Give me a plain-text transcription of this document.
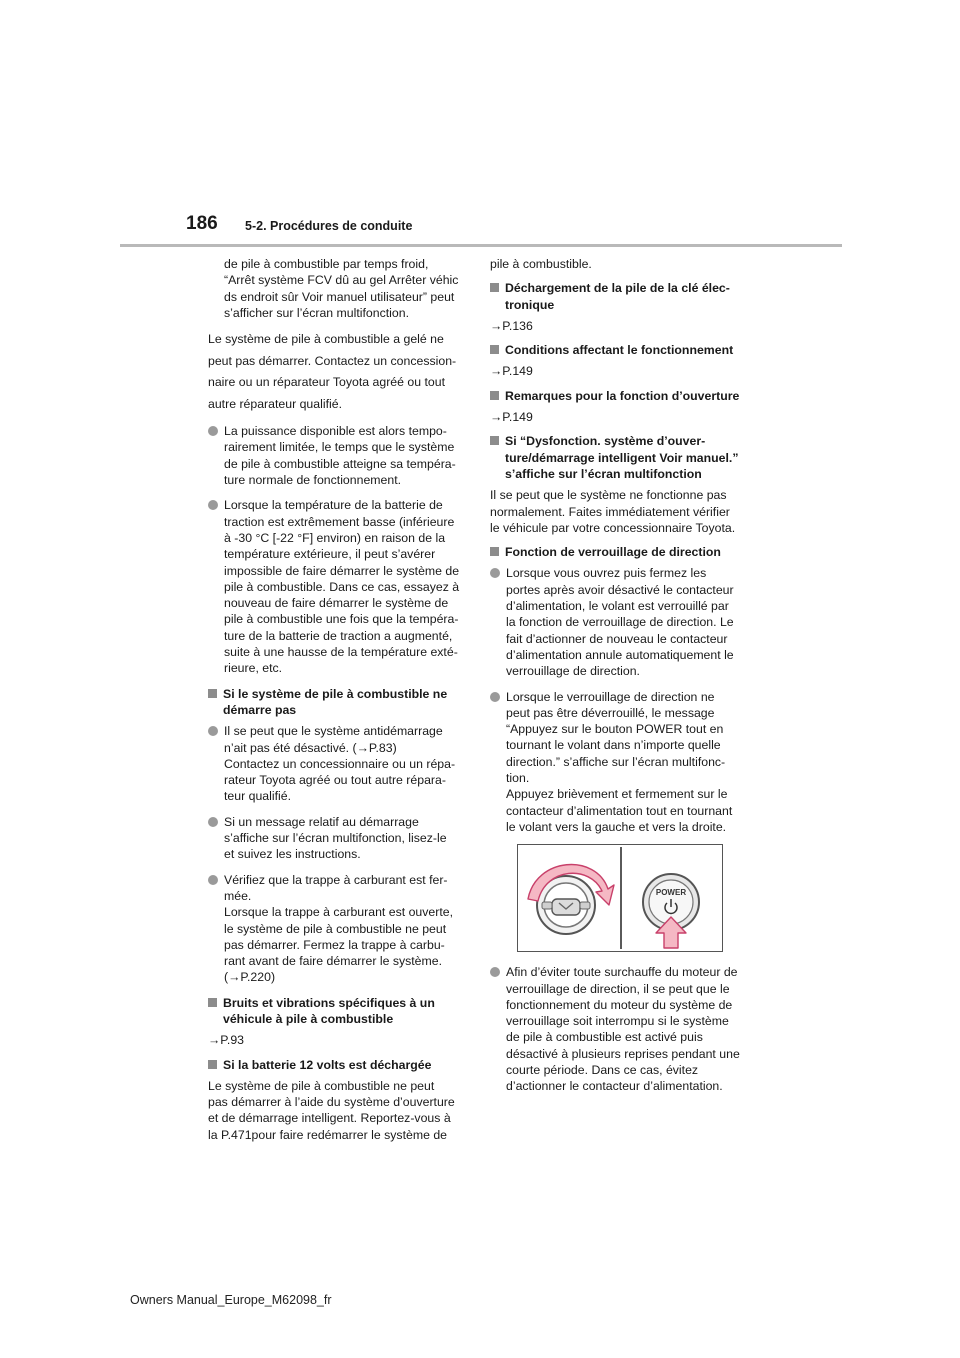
186 5-2. Procédures de conduite
de pile à combustible par temps froid,
“Arrêt système FCV dû au gel Arrêter véhic
ds endroit sûr Voir manuel utilisateur” peut
s’afficher sur l’écran multifonction.
Le système de pile à combustible a gelé ne
peut pas démarrer. Contactez un concession-
naire ou un réparateur Toyota agréé ou tout
autre réparateur qualifié.
La puissance disponible est alors tempo-
rairement limitée, le temps que le système
de pile à combustible atteigne sa tempéra-
ture normale de fonctionnement.
Lorsque la température de la batterie de
traction est extrêmement basse (inférieure
à -30 °C [-22 °F] environ) en raison de la
température extérieure, il peut s’avérer
impossible de faire démarrer le système de
pile à combustible. Dans ce cas, essayez à
nouveau de faire démarrer le système de
pile à combustible une fois que la tempéra-
ture de la batterie de traction a augmenté,
suite à une hausse de la température exté-
rieure, etc.
Si le système de pile à combustible ne
démarre pas
Il se peut que le système antidémarrage
n’ait pas été désactivé. (→P.83)
Contactez un concessionnaire ou un répa-
rateur Toyota agréé ou tout autre répara-
teur qualifié.
Si un message relatif au démarrage
s’affiche sur l’écran multifonction, lisez-le
et suivez les instructions.
Vérifiez que la trappe à carburant est fer-
mée.
Lorsque la trappe à carburant est ouverte,
le système de pile à combustible ne peut
pas démarrer. Fermez la trappe à carbu-
rant avant de faire démarrer le système.
(→P.220)
Bruits et vibrations spécifiques à un
véhicule à pile à combustible
→P.93
Si la batterie 12 volts est déchargée
Le système de pile à combustible ne peut
pas démarrer à l’aide du système d’ouverture
et de démarrage intelligent. Reportez-vous à
la P.471pour faire redémarrer le système de
pile à combustible.
Déchargement de la pile de la clé élec-
tronique
→P.136
Conditions affectant le fonctionnement
→P.149
Remarques pour la fonction d’ouverture
→P.149
Si “Dysfonction. système d’ouver-
ture/démarrage intelligent Voir manuel.”
s’affiche sur l’écran multifonction
Il se peut que le système ne fonctionne pas
normalement. Faites immédiatement vérifier
le véhicule par votre concessionnaire Toyota.
Fonction de verrouillage de direction
Lorsque vous ouvrez puis fermez les
portes après avoir désactivé le contacteur
d’alimentation, le volant est verrouillé par
la fonction de verrouillage de direction. Le
fait d’actionner de nouveau le contacteur
d’alimentation annule automatiquement le
verrouillage de direction.
Lorsque le verrouillage de direction ne
peut pas être déverrouillé, le message
“Appuyez sur le bouton POWER tout en
tournant le volant dans n’importe quelle
direction.” s’affiche sur l’écran multifonc-
tion.
Appuyez brièvement et fermement sur le
contacteur d’alimentation tout en tournant
le volant vers la gauche et vers la droite.
POWER
Afin d’éviter toute surchauffe du moteur de
verrouillage de direction, il se peut que le
fonctionnement du moteur du système de
verrouillage soit interrompu si le système
de pile à combustible est activé puis
désactivé à plusieurs reprises pendant une
courte période. Dans ce cas, évitez
d’actionner le contacteur d’alimentation.
Owners Manual_Europe_M62098_fr
